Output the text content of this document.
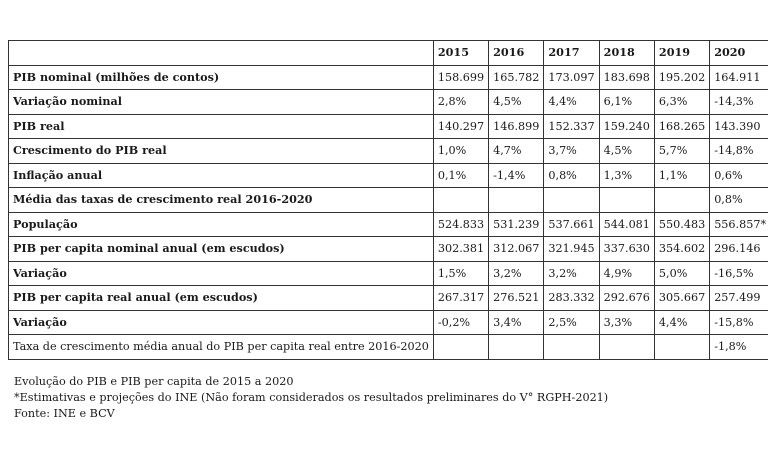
	2015	2016	2017	2018	2019	2020
PIB nominal (milhões de contos)	158.699	165.782	173.097	183.698	195.202	164.911
Variação nominal	2,8%	4,5%	4,4%	6,1%	6,3%	-14,3%
PIB real	140.297	146.899	152.337	159.240	168.265	143.390
Crescimento do PIB real	1,0%	4,7%	3,7%	4,5%	5,7%	-14,8%
Inflação anual	0,1%	-1,4%	0,8%	1,3%	1,1%	0,6%
Média das taxas de crescimento real 2016-2020						0,8%
População	524.833	531.239	537.661	544.081	550.483	556.857*
PIB per capita nominal anual (em escudos)	302.381	312.067	321.945	337.630	354.602	296.146
Variação	1,5%	3,2%	3,2%	4,9%	5,0%	-16,5%
PIB per capita real anual (em escudos)	267.317	276.521	283.332	292.676	305.667	257.499
Variação	-0,2%	3,4%	2,5%	3,3%	4,4%	-15,8%
Taxa de crescimento média anual do PIB per capita real entre 2016-2020						-1,8%
Evolução do PIB e PIB per capita de 2015 a 2020
*Estimativas e projeções do INE (Não foram considerados os resultados preliminares do V° RGPH-2021)
Fonte: INE e BCV
